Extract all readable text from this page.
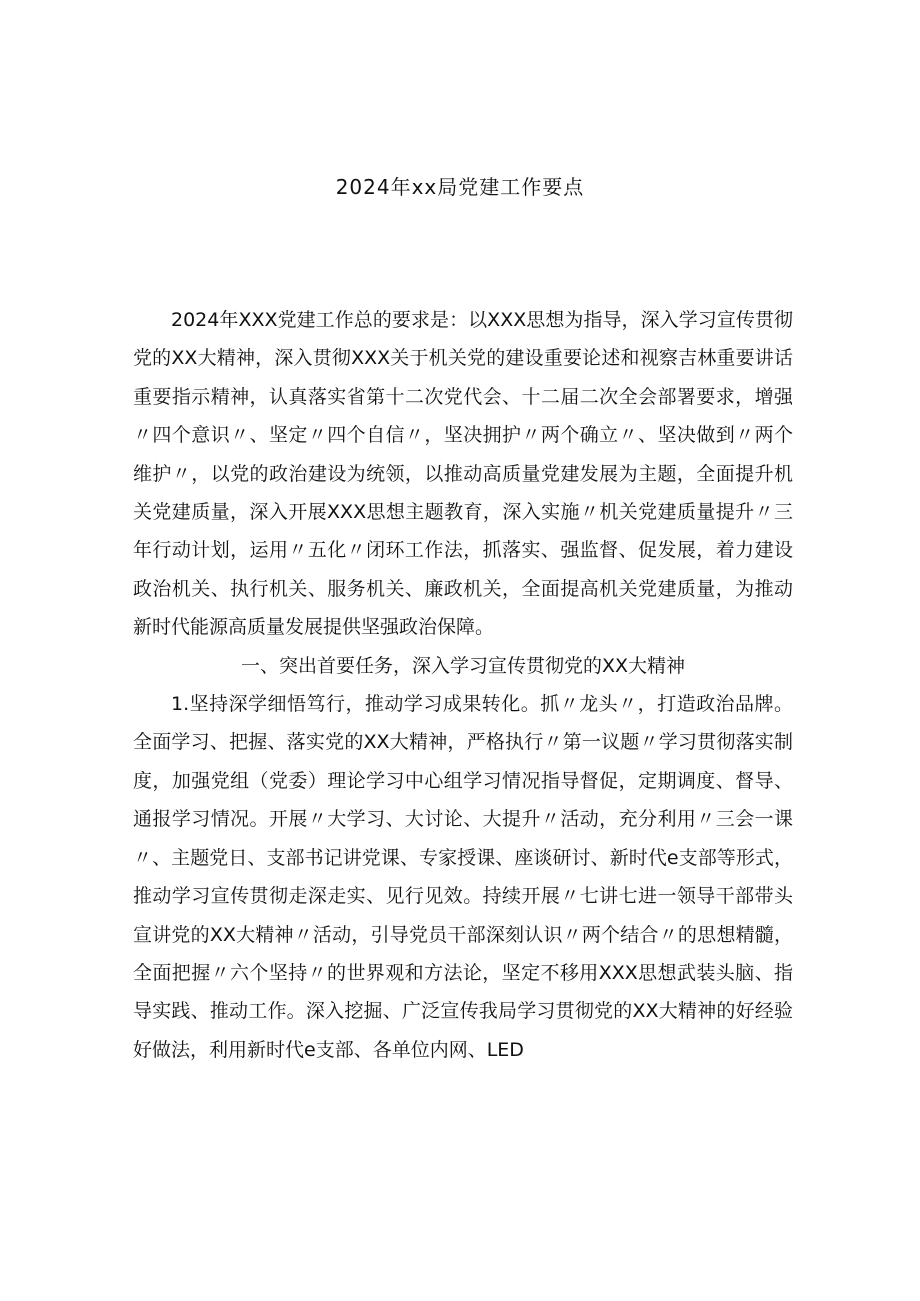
2024年xx局党建工作要点

2024年XXX党建工作总的要求是：以XXX思想为指导，深入学习宣传贯彻党的XX大精神，深入贯彻XXX关于机关党的建设重要论述和视察吉林重要讲话重要指示精神，认真落实省第十二次党代会、十二届二次全会部署要求，增强〃四个意识〃、坚定〃四个自信〃，坚决拥护〃两个确立〃、坚决做到〃两个维护〃，以党的政治建设为统领，以推动高质量党建发展为主题，全面提升机关党建质量，深入开展XXX思想主题教育，深入实施〃机关党建质量提升〃三年行动计划，运用〃五化〃闭环工作法，抓落实、强监督、促发展，着力建设政治机关、执行机关、服务机关、廉政机关，全面提高机关党建质量，为推动新时代能源高质量发展提供坚强政治保障。

一、突出首要任务，深入学习宣传贯彻党的XX大精神

1.坚持深学细悟笃行，推动学习成果转化。抓〃龙头〃，打造政治品牌。全面学习、把握、落实党的XX大精神，严格执行〃第一议题〃学习贯彻落实制度，加强党组（党委）理论学习中心组学习情况指导督促，定期调度、督导、通报学习情况。开展〃大学习、大讨论、大提升〃活动，充分利用〃三会一课〃、主题党日、支部书记讲党课、专家授课、座谈研讨、新时代e支部等形式，推动学习宣传贯彻走深走实、见行见效。持续开展〃七讲七进一领导干部带头宣讲党的XX大精神〃活动，引导党员干部深刻认识〃两个结合〃的思想精髓，全面把握〃六个坚持〃的世界观和方法论，坚定不移用XXX思想武装头脑、指导实践、推动工作。深入挖掘、广泛宣传我局学习贯彻党的XX大精神的好经验好做法，利用新时代e支部、各单位内网、LED
